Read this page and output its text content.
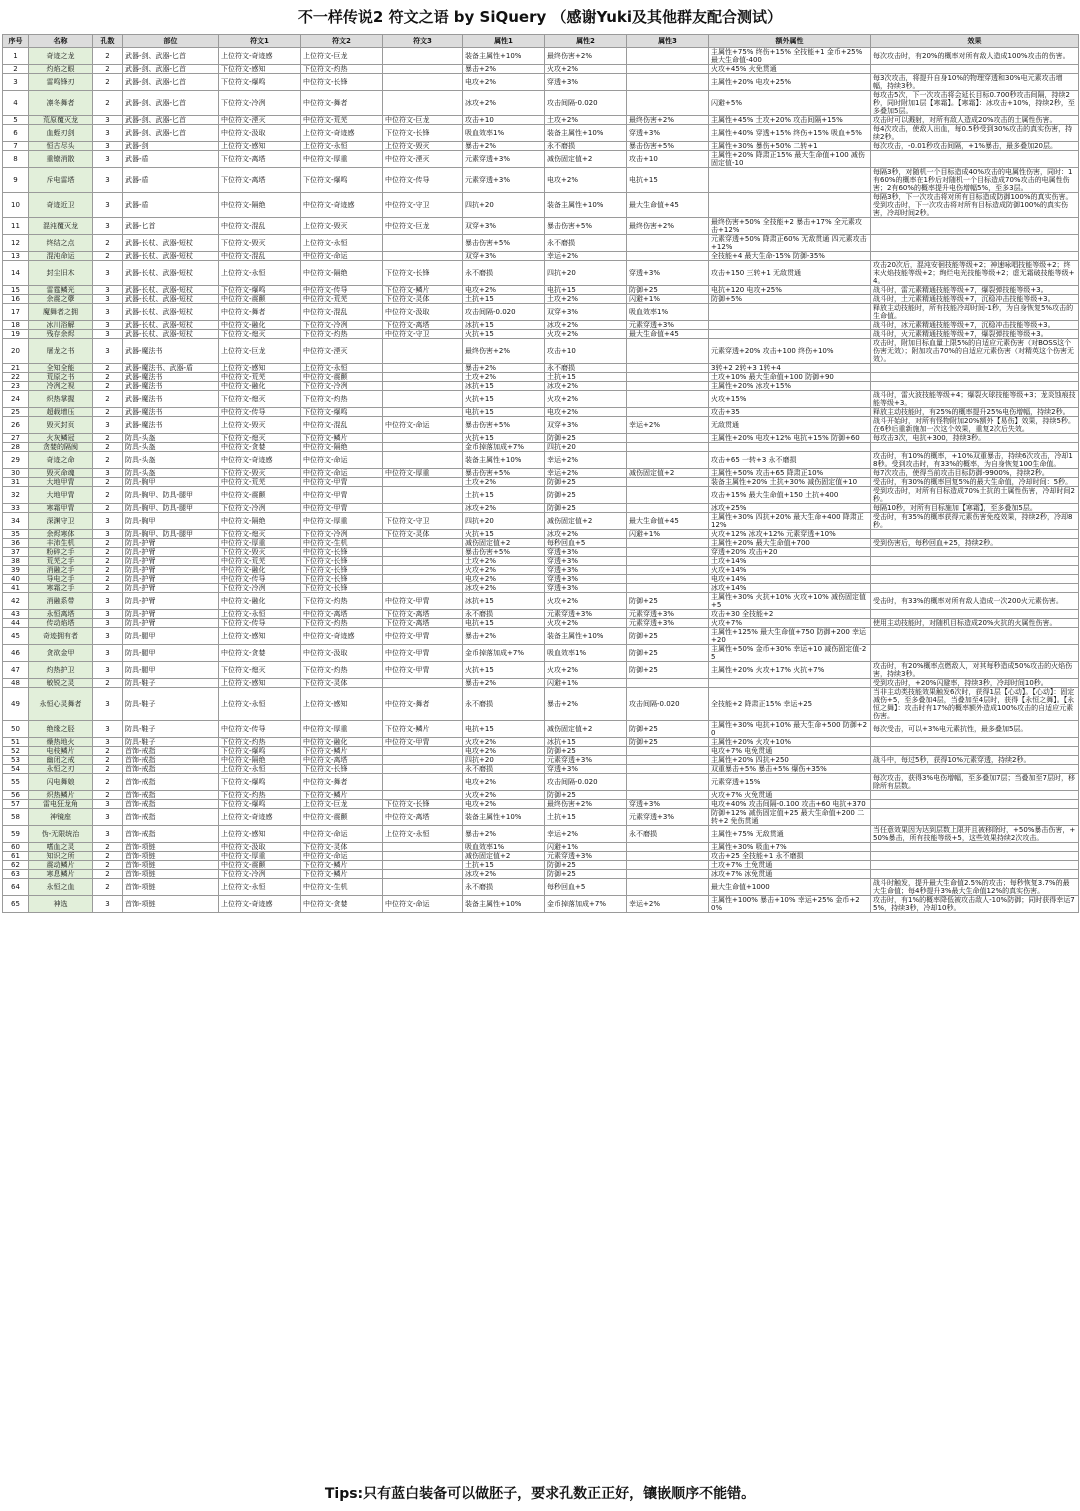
不一样传说2 符文之语 by SiQuery （感谢Yuki及其他群友配合测试）
序号	名称	孔数	部位	符文1	符文2	符文3	属性1	属性2	属性3	额外属性	效果
1	奇迹之龙	2	武器-剑、武器-匕首	上位符文-奇迹感	上位符文-巨龙		装备主属性+10%	最终伤害+2%		主属性+75% 终伤+15% 全技能+1 金币+25% 最大生命值-400	每次攻击时，有20%的概率对所有敌人造成100%攻击的伤害。
2	灼焰之眼	2	武器-剑、武器-匕首	下位符文-感知	下位符文-灼热		暴击+2%	火攻+2%		火攻+45% 火免贯通	
3	雷鸣锋刃	2	武器-剑、武器-匕首	下位符文-爆鸣	中位符文-长锋		电攻+2%	穿透+3%		主属性+20% 电攻+25%	每3次攻击，将提升自身10%的物理穿透和30%电元素攻击增幅，持续3秒。
4	凛冬舞者	2	武器-剑、武器-匕首	下位符文-冷冽	中位符文-舞者		冰攻+2%	攻击间隔-0.020		闪避+5%	每攻击5次，下一次攻击将会延长目标0.700秒攻击间隔，持续2秒，同时附加1层【寒霜】。【寒霜】：冰攻击+10%，持续2秒，至多叠加5层。
5	荒原覆灭龙	3	武器-剑、武器-匕首	中位符文-湮灭	中位符文-荒芜	中位符文-巨龙	攻击+10	土攻+2%	最终伤害+2%	主属性+45% 土攻+20% 攻击间隔+15%	攻击时可以溅射，对所有敌人造成20%攻击的土属性伤害。
6	血蛭刃剑	3	武器-剑、武器-匕首	中位符文-汲取	上位符文-奇迹感	下位符文-长锋	吸血效率1%	装备主属性+10%	穿透+3%	主属性+40% 穿透+15% 终伤+15% 吸血+5%	每4次攻击，使敌人出血，每0.5秒受到30%攻击的真实伤害，持续2秒。
7	恒古尽头	3	武器-剑	上位符文-感知	上位符文-永恒	上位符文-毁灭	暴击+2%	永不磨损	暴击伤害+5%	主属性+30% 暴伤+50% 二转+1	每次攻击，-0.01秒攻击间隔，+1%暴击，最多叠加20层。
8	重镣消散	3	武器-盾	下位符文-离塔	中位符文-厚重	中位符文-湮灭	元素穿透+3%	减伤固定值+2	攻击+10	主属性+20% 降肃正15% 最大生命值+100 减伤固定值-10	
9	斥电雷塔	3	武器-盾	下位符文-离塔	下位符文-爆鸣	中位符文-传导	元素穿透+3%	电攻+2%	电抗+15		每隔3秒，对随机一个目标造成40%攻击的电属性伤害，同时：1有60%的概率在1秒后对随机一个目标造成70%攻击的电属性伤害；2有60%的概率提升电伤增幅5%，至多3层。
10	奇迹近卫	3	武器-盾	中位符文-隔绝	中位符文-奇迹感	中位符文-守卫	四抗+20	装备主属性+10%	最大生命值+45		每隔3秒，下一次攻击将对所有目标造成防御100%的真实伤害。受到攻击时，下一次攻击将对所有目标造成防御100%的真实伤害，冷却时间2秒。
11	混沌覆灭龙	3	武器-匕首	中位符文-混乱	上位符文-毁灭	中位符文-巨龙	双穿+3%	暴击伤害+5%	最终伤害+2%	最终伤害+50% 全技能+2 暴击+17% 全元素攻击+12%	
12	终结之点	2	武器-长杖、武器-短杖	下位符文-毁灭	上位符文-永恒		暴击伤害+5%	永不磨损		元素穿透+50% 降肃正60% 无敌贯通 四元素攻击+12%	
13	混沌命运	2	武器-长杖、武器-短杖	中位符文-混乱	中位符文-命运		双穿+3%	幸运+2%		全技能+4 最大生命-15% 防御-35%	
14	封尘旧木	3	武器-长杖、武器-短杖	上位符文-永恒	中位符文-隔绝	下位符文-长锋	永不磨损	四抗+20	穿透+3%	攻击+150 三转+1 无敌贯通	攻击20次后，混沌安徊技能等级+2；神速咏唱技能等级+2；终末火焰技能等级+2；绚烂电光技能等级+2；虚无霜破技能等级+4。
15	雷霆鳞光	3	武器-长杖、武器-短杖	下位符文-爆鸣	中位符文-传导	下位符文-鳞片	电攻+2%	电抗+15	防御+25	电抗+120 电攻+25%	战斗时，雷元素精通技能等级+7，爆裂弹技能等级+3。
16	余震之孽	3	武器-长杖、武器-短杖	中位符文-震颤	中位符文-荒芜	下位符文-灵体	土抗+15	土攻+2%	闪避+1%	防御+5%	战斗时，土元素精通技能等级+7，沉稳冲击技能等级+3。
17	魔舞者之拥	3	武器-长杖、武器-短杖	中位符文-舞者	中位符文-混乱	中位符文-汲取	攻击间隔-0.020	双穿+3%	吸血效率1%		释放主动技能时，所有技能冷却时间-1秒，为自身恢复5%攻击的生命值。
18	冰川浴解	3	武器-长杖、武器-短杖	中位符文-融化	下位符文-冷冽	下位符文-离塔	冰抗+15	冰攻+2%	元素穿透+3%		战斗时，冰元素精通技能等级+7，沉稳冲击技能等级+3。
19	残存余烬	3	武器-长杖、武器-短杖	下位符文-熄灭	下位符文-灼热	中位符文-守卫	火抗+15	火攻+2%	最大生命值+45		战斗时，火元素精通技能等级+7，爆裂弹技能等级+3。
20	屠龙之书	3	武器-魔法书	上位符文-巨龙	中位符文-湮灭		最终伤害+2%	攻击+10		元素穿透+20% 攻击+100 终伤+10%	攻击时，附加目标血量上限5%的自适应元素伤害（对BOSS这个伤害无效）；附加攻击70%的自适应元素伤害（对精英这个伤害无效）。
21	全知全能	2	武器-魔法书、武器-盾	上位符文-感知	上位符文-永恒		暴击+2%	永不磨损		3转+2 2转+3 1转+4	
22	荒原之书	2	武器-魔法书	中位符文-荒芜	中位符文-震颤		土攻+2%	土抗+15		土攻+10% 最大生命值+100 防御+90	
23	冷冽之视	2	武器-魔法书	中位符文-融化	下位符文-冷冽		冰抗+15	冰攻+2%		主属性+20% 冰攻+15%	
24	炽热掌握	2	武器-魔法书	下位符文-熄灭	下位符文-灼热		火抗+15	火攻+2%		火攻+15%	战斗时，雷火波技能等级+4；爆裂火球技能等级+3；龙炎蚀痕技能等级+3。
25	超载增压	2	武器-魔法书	中位符文-传导	下位符文-爆鸣		电抗+15	电攻+2%		攻击+35	释放主动技能时，有25%的概率提升25%电伤增幅，持续2秒。
26	毁灭封页	3	武器-魔法书	上位符文-毁灭	中位符文-混乱	中位符文-命运	暴击伤害+5%	双穿+3%	幸运+2%	无敌贯通	战斗开始时，对所有怪物附加20%额外【易伤】效果，持续5秒。在6秒后重新施加一次这个效果，重复2次后失效。
27	火灰鳞冠	2	防具-头盔	下位符文-熄灭	下位符文-鳞片		火抗+15	防御+25		主属性+20% 电攻+12% 电抗+15% 防御+60	每攻击3次，电抗+300，持续3秒。
28	贪婪的隔阂	2	防具-头盔	中位符文-贪婪	中位符文-隔绝		金币掉落加成+7%	四抗+20			
29	奇迹之命	2	防具-头盔	中位符文-奇迹感	中位符文-命运		装备主属性+10%	幸运+2%		攻击+65 一转+3 永不磨损	攻击时，有10%的概率，+10%双重暴击，持续6次攻击，冷却18秒。受到攻击时，有33%的概率，为自身恢复100生命值。
30	毁灭命魂	3	防具-头盔	下位符文-毁灭	中位符文-命运	中位符文-厚重	暴击伤害+5%	幸运+2%	减伤固定值+2	主属性+50% 攻击+65 降肃正10%	每7次攻击，使得当前攻击目标防御-9900%，持续2秒。
31	大地甲胄	2	防具-胸甲	中位符文-荒芜	中位符文-甲胄		土攻+2%	防御+25		装备主属性+20% 土抗+30% 减伤固定值+10	受击时，有30%的概率回复5%的最大生命值，冷却时间：5秒。
32	大地甲胄	2	防具-胸甲、防具-腿甲	中位符文-震颤	中位符文-甲胄		土抗+15	防御+25		攻击+15% 最大生命值+150 土抗+400	受到攻击时，对所有目标造成70%土抗的土属性伤害，冷却时间2秒。
33	寒霜甲胄	2	防具-胸甲、防具-腿甲	下位符文-冷冽	中位符文-甲胄		冰攻+2%	防御+25		冰攻+25%	每隔10秒，对所有目标施加【寒霜】，至多叠加5层。
34	深渊守卫	3	防具-胸甲	中位符文-隔绝	中位符文-厚重	下位符文-守卫	四抗+20	减伤固定值+2	最大生命值+45	主属性+30% 四抗+20% 最大生命+400 降肃正12%	受击时，有35%的概率获得元素伤害免疫效果，持续2秒，冷却8秒。
35	余烬寒体	3	防具-胸甲、防具-腿甲	下位符文-熄灭	下位符文-冷冽	下位符文-灵体	火抗+15	冰攻+2%	闪避+1%	火攻+12% 冰攻+12% 元素穿透+10%	
36	丰沛生机	2	防具-护臂	中位符文-厚重	中位符文-生机		减伤固定值+2	每秒回血+5		主属性+20% 最大生命值+700	受到伤害后，每秒回血+25，持续2秒。
37	粉碎之手	2	防具-护臂	下位符文-毁灭	中位符文-长锋		暴击伤害+5%	穿透+3%		穿透+20% 攻击+20	
38	荒芜之手	2	防具-护臂	中位符文-荒芜	下位符文-长锋		土攻+2%	穿透+3%		土攻+14%	
39	消融之手	2	防具-护臂	中位符文-融化	下位符文-长锋		火攻+2%	穿透+3%		火攻+14%	
40	导电之手	2	防具-护臂	中位符文-传导	下位符文-长锋		电攻+2%	穿透+3%		电攻+14%	
41	寒霜之手	2	防具-护臂	下位符文-冷冽	下位符文-长锋		冰攻+2%	穿透+3%		冰攻+14%	
42	消融系带	3	防具-护臂	中位符文-融化	下位符文-灼热	中位符文-甲胄	冰抗+15	火攻+2%	防御+25	主属性+30% 火抗+10% 火攻+10% 减伤固定值+5	受击时，有33%的概率对所有敌人造成一次200火元素伤害。
43	永恒离塔	3	防具-护臂	上位符文-永恒	中位符文-离塔	下位符文-离塔	永不磨损	元素穿透+3%	元素穿透+3%	攻击+30 全技能+2	
44	传动焰塔	3	防具-护臂	下位符文-传导	下位符文-灼热	下位符文-离塔	电抗+15	火攻+2%	元素穿透+3%	火攻+7%	使用主动技能时，对随机目标造成20%火抗的火属性伤害。
45	奇迹拥有者	3	防具-腿甲	上位符文-感知	中位符文-奇迹感	中位符文-甲胄	暴击+2%	装备主属性+10%	防御+25	主属性+125% 最大生命值+750 防御+200 幸运+20	
46	贪欲金甲	3	防具-腿甲	中位符文-贪婪	中位符文-汲取	中位符文-甲胄	金币掉落加成+7%	吸血效率1%	防御+25	主属性+50% 金币+30% 幸运+10 减伤固定值-25	
47	灼热护卫	3	防具-腿甲	下位符文-熄灭	下位符文-灼热	中位符文-甲胄	火抗+15	火攻+2%	防御+25	主属性+20% 火攻+17% 火抗+7%	攻击时，有20%概率点燃敌人，对其每秒造成50%攻击的火焰伤害，持续3秒。
48	敏锐之灵	2	防具-鞋子	上位符文-感知	下位符文-灵体		暴击+2%	闪避+1%			受到攻击时，+20%闪避率，持续3秒，冷却时间10秒。
49	永恒心灵舞者	3	防具-鞋子	上位符文-永恒	上位符文-感知	中位符文-舞者	永不磨损	暴击+2%	攻击间隔-0.020	全技能+2 降肃正15% 幸运+25	当非主动类技能效果触发6次时，获得1层【心动】。【心动】：固定减伤+5，至多叠加4层，当叠加至4层时，获得【永恒之舞】。【永恒之舞】：攻击时有17%的概率额外造成100%攻击的自适应元素伤害。
50	绝缘之胫	3	防具-鞋子	中位符文-传导	中位符文-厚重	下位符文-鳞片	电抗+15	减伤固定值+2	防御+25	主属性+30% 电抗+10% 最大生命+500 防御+20	每次受击，可以+3%电元素抗性，最多叠加5层。
51	燥热地火	3	防具-鞋子	下位符文-灼热	中位符文-融化	中位符文-甲胄	火攻+2%	冰抗+15	防御+25	主属性+20% 火攻+10%	
52	电枝鳞片	2	首饰-戒指	下位符文-爆鸣	下位符文-鳞片		电攻+2%	防御+25		电攻+7% 电免贯通	
53	幽闭之戒	2	首饰-戒指	中位符文-隔绝	中位符文-离塔		四抗+20	元素穿透+3%		主属性+20% 四抗+250	战斗中，每过5秒，获得10%元素穿透，持续2秒。
54	永恒之刃	2	首饰-戒指	上位符文-永恒	下位符文-长锋		永不磨损	穿透+3%		双重暴击+5% 暴击+5% 爆伤+35%	
55	闪电舞娘	2	首饰-戒指	下位符文-爆鸣	中位符文-舞者		电攻+2%	攻击间隔-0.020		元素穿透+15%	每次攻击，获得3%电伤增幅，至多叠加7层；当叠加至7层时，移除所有层数。
56	炽热鳞片	2	首饰-戒指	下位符文-灼热	下位符文-鳞片		火攻+2%	防御+25		火攻+7% 火免贯通	
57	雷电狂龙角	3	首饰-戒指	下位符文-爆鸣	上位符文-巨龙	下位符文-长锋	电攻+2%	最终伤害+2%	穿透+3%	电攻+40% 攻击间隔-0.100 攻击+60 电抗+370	
58	神镜座	3	首饰-戒指	上位符文-奇迹感	中位符文-震颤	中位符文-离塔	装备主属性+10%	土抗+15	元素穿透+3%	防御+12% 减伤固定值+25 最大生命值+200 二转+2 免伤贯通	
59	伪-无限统治	3	首饰-戒指	上位符文-感知	中位符文-命运	上位符文-永恒	暴击+2%	幸运+2%	永不磨损	主属性+75% 无敌贯通	当任意效果因为达到层数上限并且被移除时，+50%暴击伤害，+50%暴击，所有技能等级+5，这些效果持续2次攻击。
60	嗜血之灵	2	首饰-项链	中位符文-汲取	下位符文-灵体		吸血效率1%	闪避+1%		主属性+30% 吸血+7%	
61	知识之所	2	首饰-项链	中位符文-厚重	中位符文-命运		减伤固定值+2	元素穿透+3%		攻击+25 全技能+1 永不磨损	
62	震动鳞片	2	首饰-项链	中位符文-震颤	下位符文-鳞片		土抗+15	防御+25		土攻+7% 土免贯通	
63	寒息鳞片	2	首饰-项链	下位符文-冷冽	下位符文-鳞片		冰攻+2%	防御+25		冰攻+7% 冰免贯通	
64	永恒之血	2	首饰-项链	上位符文-永恒	中位符文-生机		永不磨损	每秒回血+5		最大生命值+1000	战斗时触发，提升最大生命值2.5%的攻击；每秒恢复3.7%的最大生命值；每4秒提升3%最大生命值12%的真实伤害。
65	神选	3	首饰-项链	上位符文-奇迹感	中位符文-贪婪	中位符文-命运	装备主属性+10%	金币掉落加成+7%	幸运+2%	主属性+100% 暴击+10% 幸运+25% 金币+20%	攻击时，有1%的概率降低被攻击敌人-10%防御；同时获得幸运75%，持续3秒，冷却10秒。
Tips:只有蓝白装备可以做胚子，要求孔数正正好，镶嵌顺序不能错。
